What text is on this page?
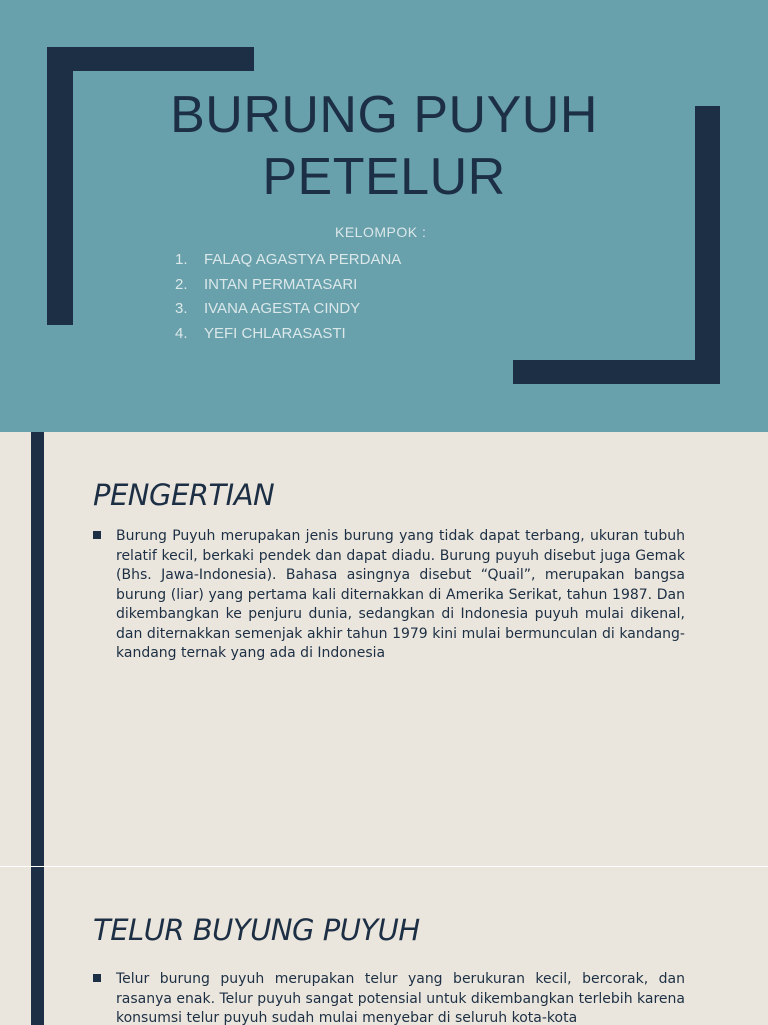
BURUNG PUYUH
PETELUR
KELOMPOK :
1. FALAQ AGASTYA PERDANA
2. INTAN PERMATASARI
3. IVANA AGESTA CINDY
4. YEFI CHLARASASTI
PENGERTIAN
Burung Puyuh merupakan jenis burung yang tidak dapat terbang, ukuran tubuh relatif kecil, berkaki pendek dan dapat diadu. Burung puyuh disebut juga Gemak (Bhs. Jawa-Indonesia). Bahasa asingnya disebut “Quail”, merupakan bangsa burung (liar) yang pertama kali diternakkan di Amerika Serikat, tahun 1987. Dan dikembangkan ke penjuru dunia, sedangkan di Indonesia puyuh mulai dikenal, dan diternakkan semenjak akhir tahun 1979 kini mulai bermunculan di kandang-kandang ternak yang ada di Indonesia
TELUR BUYUNG PUYUH
Telur burung puyuh merupakan telur yang berukuran kecil, bercorak, dan rasanya enak. Telur puyuh sangat potensial untuk dikembangkan terlebih karena konsumsi telur puyuh sudah mulai menyebar di seluruh kota-kota
